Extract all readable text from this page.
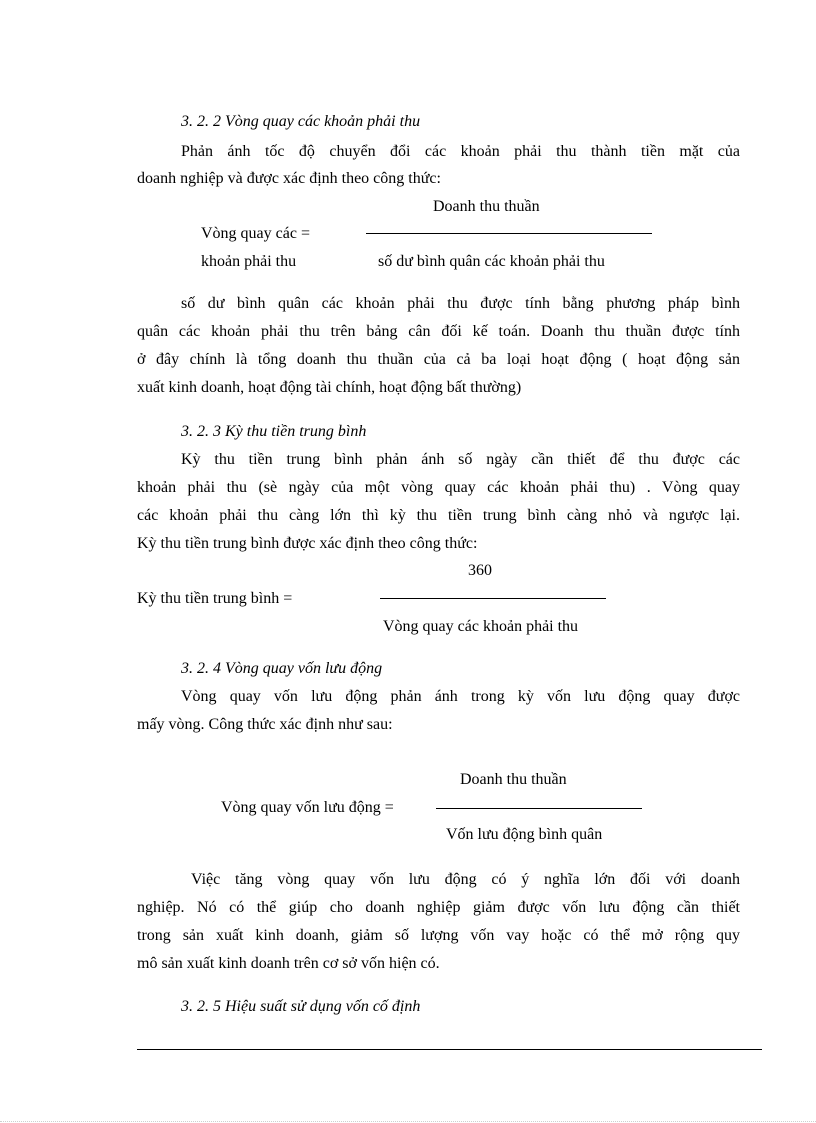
3. 2. 2 Vòng quay các khoản phải thu
Phản ánh tốc độ chuyển đổi các khoản phải thu thành tiền mặt của
doanh nghiệp và được xác định theo công thức:
Doanh thu thuần
Vòng quay các =
khoản phải thu	số dư bình quân các khoản phải thu
số dư bình quân các khoản phải thu được tính bằng phương pháp bình
quân các khoản phải thu trên bảng cân đối kế toán. Doanh thu thuần được tính
ở đây chính là tổng doanh thu thuần của cả ba loại hoạt động ( hoạt động sản
xuất kinh doanh, hoạt động tài chính, hoạt động bất thường)
3. 2. 3 Kỳ thu tiền trung bình
Kỳ thu tiền trung bình phản ánh số ngày cần thiết để thu được các
khoản phải thu (sè ngày của một vòng quay các khoản phải thu) . Vòng quay
các khoản phải thu càng lớn thì kỳ thu tiền trung bình càng nhỏ và ngược lại.
Kỳ thu tiền trung bình được xác định theo công thức:
360
Kỳ thu tiền trung bình =
Vòng quay các khoản phải thu
3. 2. 4 Vòng quay vốn lưu động
Vòng quay vốn lưu động phản ánh trong kỳ vốn lưu động quay được
mấy vòng. Công thức xác định như sau:
Doanh thu thuần
Vòng quay vốn lưu động =
Vốn lưu động bình quân
Việc tăng vòng quay vốn lưu động có ý nghĩa lớn đối với doanh
nghiệp. Nó có thể giúp cho doanh nghiệp giảm được vốn lưu động cần thiết
trong sản xuất kinh doanh, giảm số lượng vốn vay hoặc có thể mở rộng quy
mô sản xuất kinh doanh trên cơ sở vốn hiện có.
3. 2. 5 Hiệu suất sử dụng vốn cố định
